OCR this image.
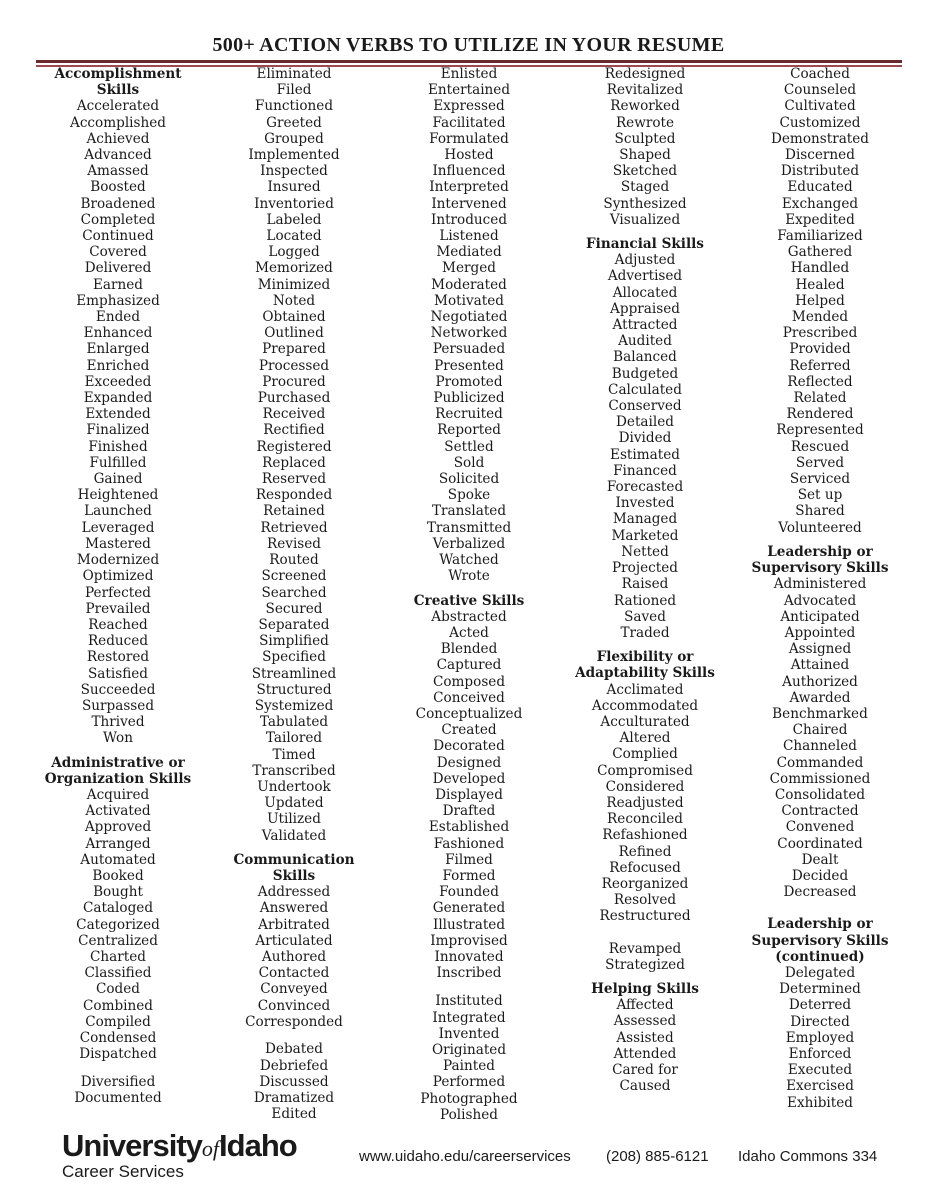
500+ ACTION VERBS TO UTILIZE IN YOUR RESUME
Accomplishment
Skills
Accelerated
Accomplished
Achieved
Advanced
Amassed
Boosted
Broadened
Completed
Continued
Covered
Delivered
Earned
Emphasized
Ended
Enhanced
Enlarged
Enriched
Exceeded
Expanded
Extended
Finalized
Finished
Fulfilled
Gained
Heightened
Launched
Leveraged
Mastered
Modernized
Optimized
Perfected
Prevailed
Reached
Reduced
Restored
Satisfied
Succeeded
Surpassed
Thrived
Won
Administrative or
Organization Skills
Acquired
Activated
Approved
Arranged
Automated
Booked
Bought
Cataloged
Categorized
Centralized
Charted
Classified
Coded
Combined
Compiled
Condensed
Dispatched
Diversified
Documented
Eliminated
Filed
Functioned
Greeted
Grouped
Implemented
Inspected
Insured
Inventoried
Labeled
Located
Logged
Memorized
Minimized
Noted
Obtained
Outlined
Prepared
Processed
Procured
Purchased
Received
Rectified
Registered
Replaced
Reserved
Responded
Retained
Retrieved
Revised
Routed
Screened
Searched
Secured
Separated
Simplified
Specified
Streamlined
Structured
Systemized
Tabulated
Tailored
Timed
Transcribed
Undertook
Updated
Utilized
Validated
Communication
Skills
Addressed
Answered
Arbitrated
Articulated
Authored
Contacted
Conveyed
Convinced
Corresponded
Debated
Debriefed
Discussed
Dramatized
Edited
Enlisted
Entertained
Expressed
Facilitated
Formulated
Hosted
Influenced
Interpreted
Intervened
Introduced
Listened
Mediated
Merged
Moderated
Motivated
Negotiated
Networked
Persuaded
Presented
Promoted
Publicized
Recruited
Reported
Settled
Sold
Solicited
Spoke
Translated
Transmitted
Verbalized
Watched
Wrote
Creative Skills
Abstracted
Acted
Blended
Captured
Composed
Conceived
Conceptualized
Created
Decorated
Designed
Developed
Displayed
Drafted
Established
Fashioned
Filmed
Formed
Founded
Generated
Illustrated
Improvised
Innovated
Inscribed
Instituted
Integrated
Invented
Originated
Painted
Performed
Photographed
Polished
Redesigned
Revitalized
Reworked
Rewrote
Sculpted
Shaped
Sketched
Staged
Synthesized
Visualized
Financial Skills
Adjusted
Advertised
Allocated
Appraised
Attracted
Audited
Balanced
Budgeted
Calculated
Conserved
Detailed
Divided
Estimated
Financed
Forecasted
Invested
Managed
Marketed
Netted
Projected
Raised
Rationed
Saved
Traded
Flexibility or
Adaptability Skills
Acclimated
Accommodated
Acculturated
Altered
Complied
Compromised
Considered
Readjusted
Reconciled
Refashioned
Refined
Refocused
Reorganized
Resolved
Restructured
Revamped
Strategized
Helping Skills
Affected
Assessed
Assisted
Attended
Cared for
Caused
Coached
Counseled
Cultivated
Customized
Demonstrated
Discerned
Distributed
Educated
Exchanged
Expedited
Familiarized
Gathered
Handled
Healed
Helped
Mended
Prescribed
Provided
Referred
Reflected
Related
Rendered
Represented
Rescued
Served
Serviced
Set up
Shared
Volunteered
Leadership or
Supervisory Skills
Administered
Advocated
Anticipated
Appointed
Assigned
Attained
Authorized
Awarded
Benchmarked
Chaired
Channeled
Commanded
Commissioned
Consolidated
Contracted
Convened
Coordinated
Dealt
Decided
Decreased
Leadership or
Supervisory Skills
(continued)
Delegated
Determined
Deterred
Directed
Employed
Enforced
Executed
Exercised
Exhibited
UniversityofIdaho
Career Services
www.uidaho.edu/careerservices (208) 885-6121 Idaho Commons 334
